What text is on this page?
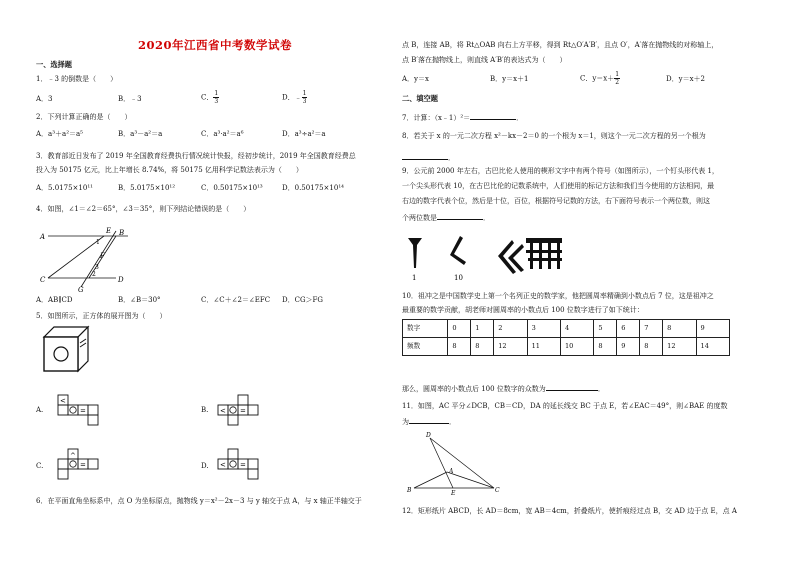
2020年江西省中考数学试卷
一、选择题
1．﹣3 的倒数是（　　）
A．3	B．﹣3	C． $\frac{1}{3}$	D．﹣ $\frac{1}{3}$
2．下列计算正确的是（　　）
A．a³＋a²＝a⁵	B．a³－a²＝a	C．a³·a²＝a⁶	D．a³÷a²＝a
3．教育部近日发布了 2019 年全国教育经费执行情况统计快报，经初步统计，2019 年全国教育经费总
投入为 50175 亿元，比上年增长 8.74%，将 50175 亿用科学记数法表示为（　　）
A．5.0175×10¹¹	B．5.0175×10¹²	C．0.50175×10¹³	D．0.50175×10¹⁴
4．如图，∠1＝∠2＝65°，∠3＝35°，则下列结论错误的是（　　）
A	B
C	D
E
F
G
1
2
3
A．AB∥CD	B．∠B＝30°	C．∠C＋∠2＝∠EFC D．CG＞FG
5．如图所示，正方体的展开图为（　　）
A.
<
=	B. < =
C.
^
=	D. < =
6．在平面直角坐标系中，点 O 为坐标原点，抛物线 y＝x²－2x－3 与 y 轴交于点 A，与 x 轴正半轴交于
点 B，连接 AB，将 Rt△OAB 向右上方平移，得到 Rt△O′A′B′，且点 O′，A′落在抛物线的对称轴上，
点 B′落在抛物线上，则直线 A′B′的表达式为（　　）
A．y＝x	B．y＝x＋1	C．$y=x+ \frac{1}{2}$	D．y＝x＋2
二、填空题
7．计算：（x﹣1）²＝	．
8．若关于 x 的一元二次方程 x²－kx－2＝0 的一个根为 x＝1，则这个一元二次方程的另一个根为
．
9．公元前 2000 年左右，古巴比伦人使用的楔形文字中有两个符号（如图所示），一个钉头形代表 1，
一个尖头形代表 10，在古巴比伦的记数系统中，人们使用的标记方法和我们当今使用的方法相同，最
右边的数字代表个位，然后是十位，百位，根据符号记数的方法，右下面符号表示一个两位数，则这
个两位数是	．
1	10
10．祖冲之是中国数学史上第一个名列正史的数学家，他把圆周率精确到小数点后 7 位，这是祖冲之
最重要的数学贡献，胡老师对圆周率的小数点后 100 位数字进行了如下统计：
那么，圆周率的小数点后 100 位数字的众数为	．
11．如图，AC 平分∠DCB，CB＝CD，DA 的延长线交 BC 于点 E，若∠EAC＝49°，则∠BAE 的度数
为	．
D
A
B	E	C
12．矩形纸片 ABCD，长 AD＝8cm，宽 AB＝4cm，折叠纸片，使折痕经过点 B，交 AD 边于点 E，点 A
数字	0	1	2	3	4	5	6	7	8	9
频数	8	8	12	11	10	8	9	8	12	14
